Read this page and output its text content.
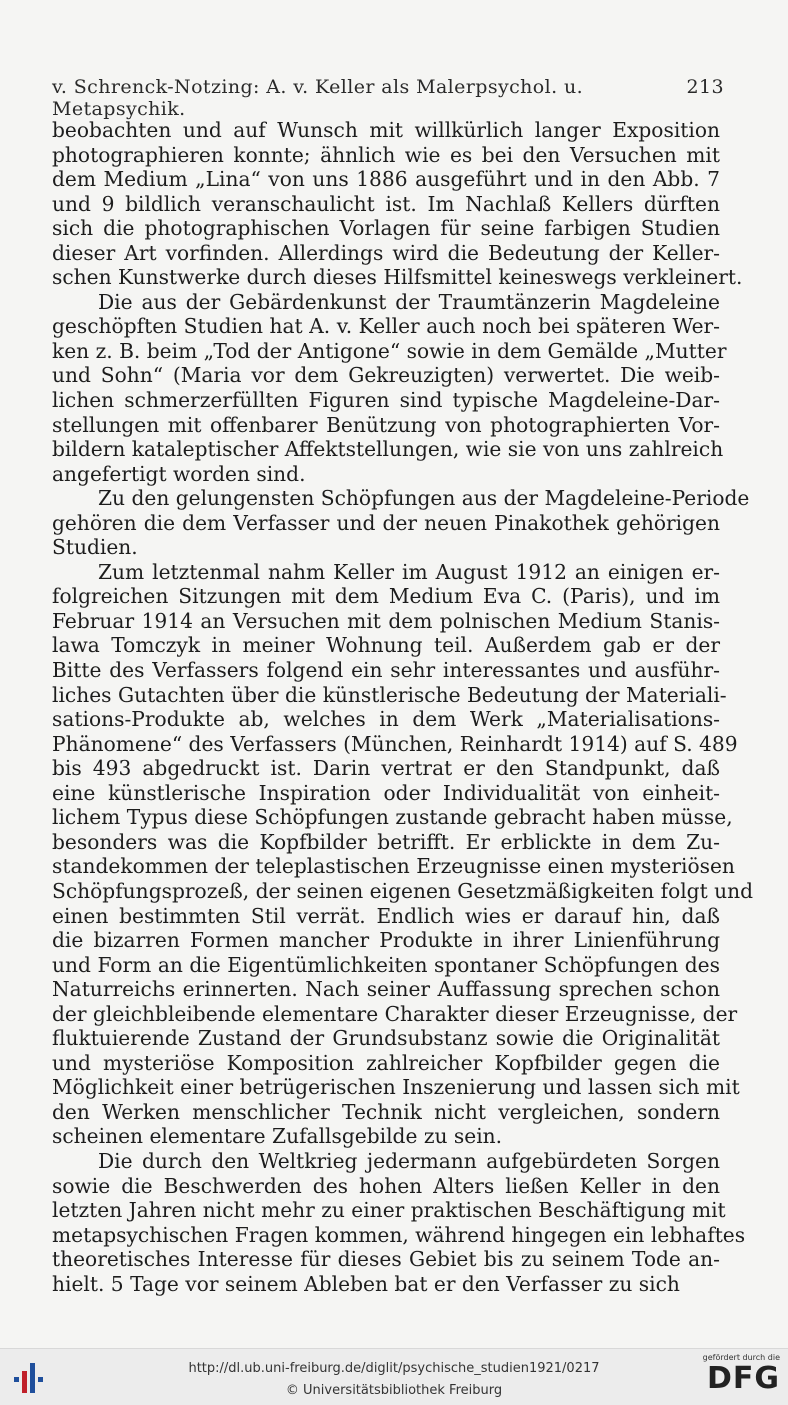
v. Schrenck-Notzing: A. v. Keller als Malerpsychol. u. Metapsychik.
213

beobachten und auf Wunsch mit willkürlich langer Exposition
photographieren konnte; ähnlich wie es bei den Versuchen mit
dem Medium „Lina“ von uns 1886 ausgeführt und in den Abb. 7
und 9 bildlich veranschaulicht ist. Im Nachlaß Kellers dürften
sich die photographischen Vorlagen für seine farbigen Studien
dieser Art vorfinden. Allerdings wird die Bedeutung der Keller-
schen Kunstwerke durch dieses Hilfsmittel keineswegs verkleinert.

Die aus der Gebärdenkunst der Traumtänzerin Magdeleine
geschöpften Studien hat A. v. Keller auch noch bei späteren Wer-
ken z. B. beim „Tod der Antigone“ sowie in dem Gemälde „Mutter
und Sohn“ (Maria vor dem Gekreuzigten) verwertet. Die weib-
lichen schmerzerfüllten Figuren sind typische Magdeleine-Dar-
stellungen mit offenbarer Benützung von photographierten Vor-
bildern kataleptischer Affektstellungen, wie sie von uns zahlreich
angefertigt worden sind.

Zu den gelungensten Schöpfungen aus der Magdeleine-Periode
gehören die dem Verfasser und der neuen Pinakothek gehörigen
Studien.

Zum letztenmal nahm Keller im August 1912 an einigen er-
folgreichen Sitzungen mit dem Medium Eva C. (Paris), und im
Februar 1914 an Versuchen mit dem polnischen Medium Stanis-
lawa Tomczyk in meiner Wohnung teil. Außerdem gab er der
Bitte des Verfassers folgend ein sehr interessantes und ausführ-
liches Gutachten über die künstlerische Bedeutung der Materiali-
sations-Produkte ab, welches in dem Werk „Materialisations-
Phänomene“ des Verfassers (München, Reinhardt 1914) auf S. 489
bis 493 abgedruckt ist. Darin vertrat er den Standpunkt, daß
eine künstlerische Inspiration oder Individualität von einheit-
lichem Typus diese Schöpfungen zustande gebracht haben müsse,
besonders was die Kopfbilder betrifft. Er erblickte in dem Zu-
standekommen der teleplastischen Erzeugnisse einen mysteriösen
Schöpfungsprozeß, der seinen eigenen Gesetzmäßigkeiten folgt und
einen bestimmten Stil verrät. Endlich wies er darauf hin, daß
die bizarren Formen mancher Produkte in ihrer Linienführung
und Form an die Eigentümlichkeiten spontaner Schöpfungen des
Naturreichs erinnerten. Nach seiner Auffassung sprechen schon
der gleichbleibende elementare Charakter dieser Erzeugnisse, der
fluktuierende Zustand der Grundsubstanz sowie die Originalität
und mysteriöse Komposition zahlreicher Kopfbilder gegen die
Möglichkeit einer betrügerischen Inszenierung und lassen sich mit
den Werken menschlicher Technik nicht vergleichen, sondern
scheinen elementare Zufallsgebilde zu sein.

Die durch den Weltkrieg jedermann aufgebürdeten Sorgen
sowie die Beschwerden des hohen Alters ließen Keller in den
letzten Jahren nicht mehr zu einer praktischen Beschäftigung mit
metapsychischen Fragen kommen, während hingegen ein lebhaftes
theoretisches Interesse für dieses Gebiet bis zu seinem Tode an-
hielt. 5 Tage vor seinem Ableben bat er den Verfasser zu sich

http://dl.ub.uni-freiburg.de/diglit/psychische_studien1921/0217
© Universitätsbibliothek Freiburg
gefördert durch die
DFG
